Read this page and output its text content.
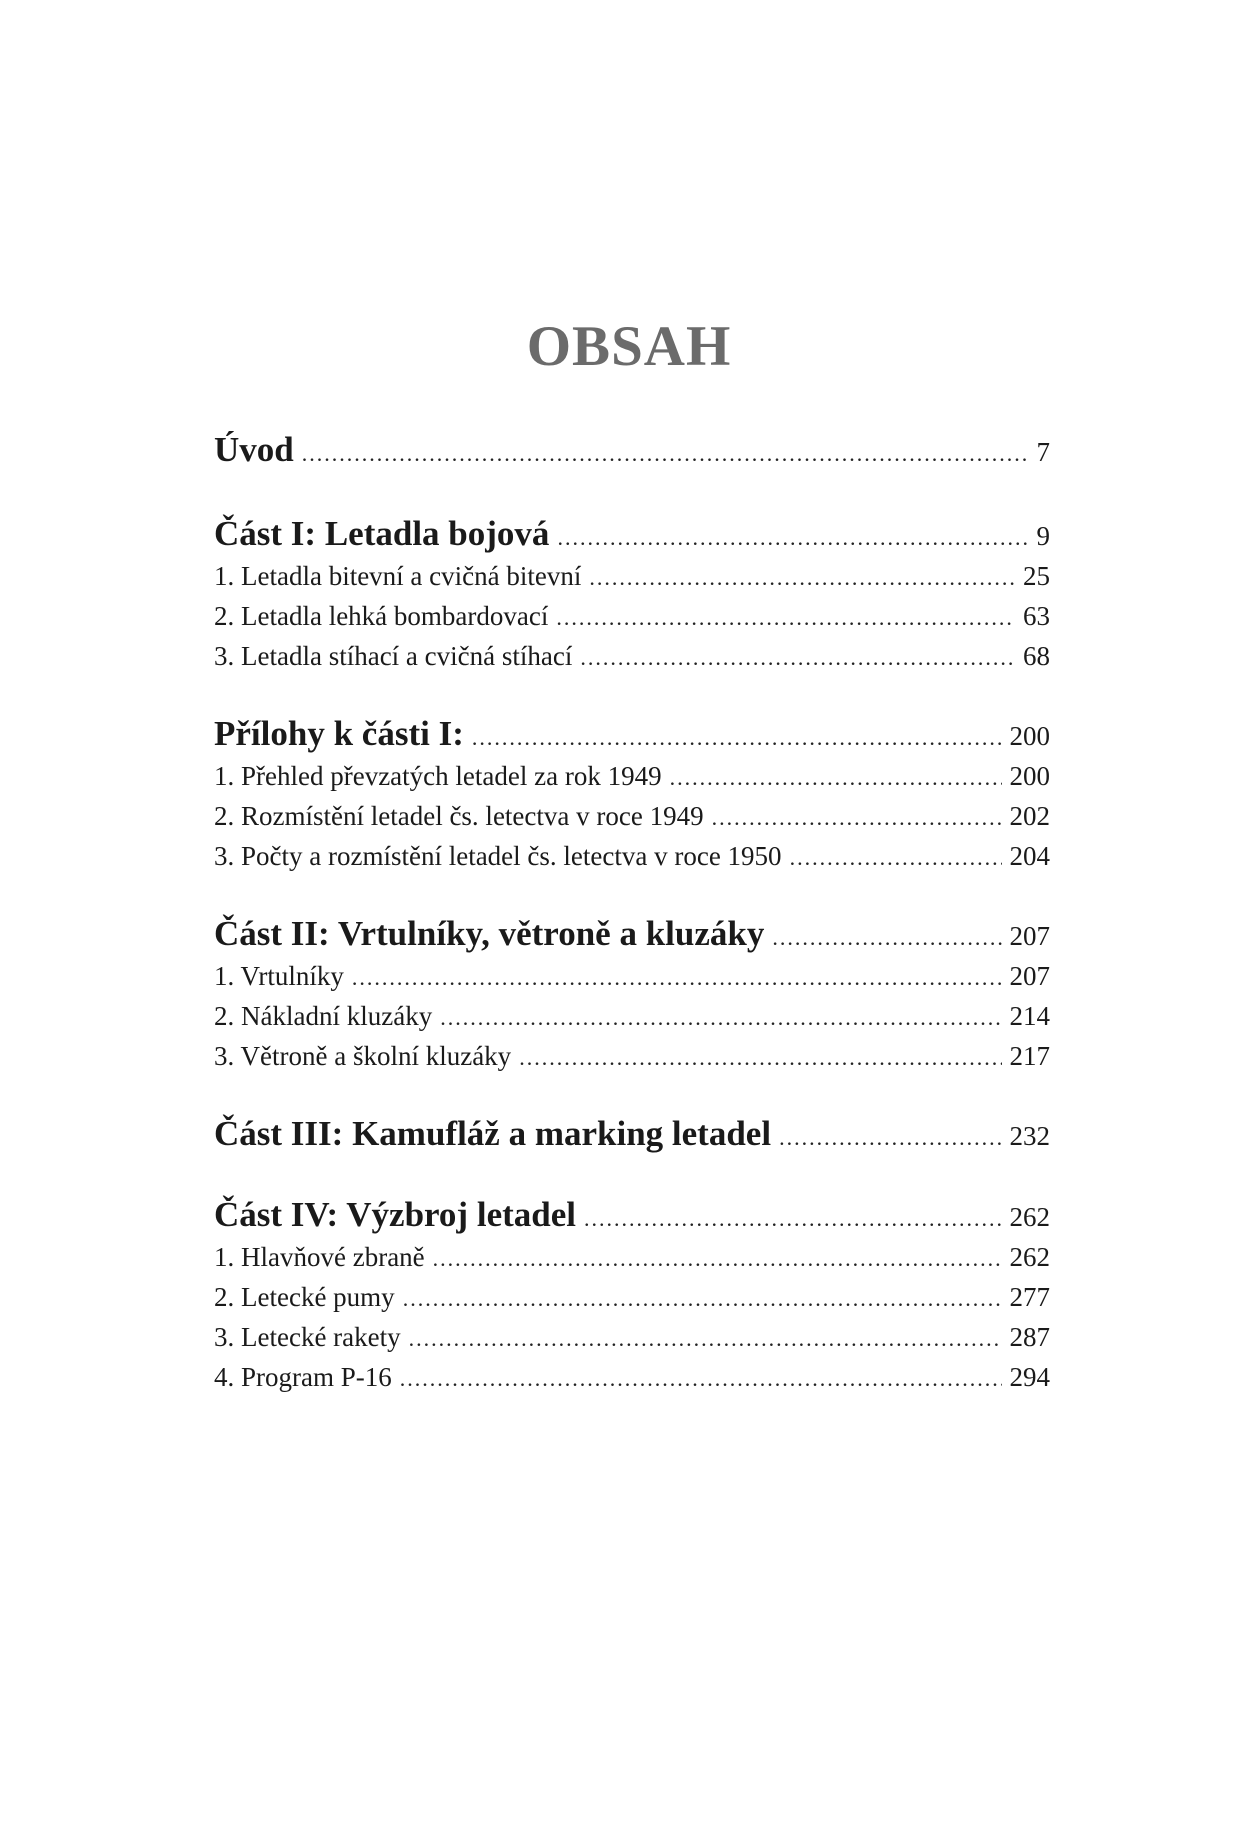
OBSAH
Úvod .....	7
Část I: Letadla bojová .....	9
1. Letadla bitevní a cvičná bitevní .....	25
2. Letadla lehká bombardovací .....	63
3. Letadla stíhací a cvičná stíhací .....	68
Přílohy k části I: .....	200
1. Přehled převzatých letadel za rok 1949 .....	200
2. Rozmístění letadel čs. letectva v roce 1949 .....	202
3. Počty a rozmístění letadel čs. letectva v roce 1950 .....	204
Část II: Vrtulníky, větroně a kluzáky .....	207
1. Vrtulníky .....	207
2. Nákladní kluzáky .....	214
3. Větroně a školní kluzáky .....	217
Část III: Kamufláž a marking letadel .....	232
Část IV: Výzbroj letadel .....	262
1. Hlavňové zbraně .....	262
2. Letecké pumy .....	277
3. Letecké rakety .....	287
4. Program P-16 .....	294
